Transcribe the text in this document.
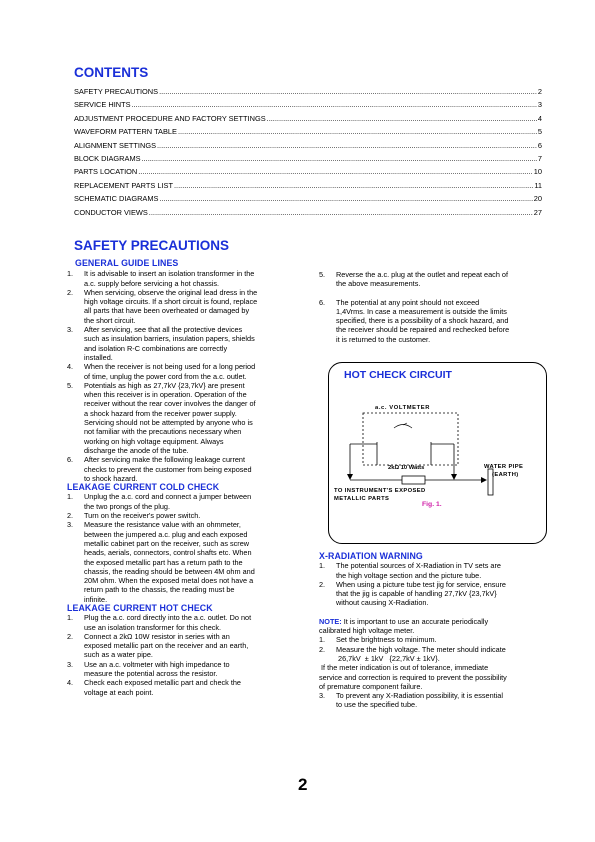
CONTENTS
SAFETY PRECAUTIONS .....	2
SERVICE HINTS .....	3
ADJUSTMENT PROCEDURE AND FACTORY SETTINGS .....	4
WAVEFORM PATTERN TABLE .....	5
ALIGNMENT SETTINGS .....	6
BLOCK DIAGRAMS .....	7
PARTS LOCATION .....	10
REPLACEMENT PARTS LIST .....	11
SCHEMATIC DIAGRAMS .....	20
CONDUCTOR VIEWS .....	27
SAFETY PRECAUTIONS
GENERAL GUIDE LINES
1.	It is advisable to insert an isolation transformer in the
a.c. supply before servicing a hot chassis.
2.	When servicing, observe the original lead dress in the
high voltage circuits. If a short circuit is found, replace
all parts that have been overheated or damaged by
the short circuit.
3.	After servicing, see that all the protective devices
such as insulation barriers, insulation papers, shields
and isolation R-C combinations are correctly
installed.
4.	When the receiver is not being used for a long period
of time, unplug the power cord from the a.c. outlet.
5.	Potentials as high as 27,7kV {23,7kV} are present
when this receiver is in operation. Operation of the
receiver without the rear cover involves the danger of
a shock hazard from the receiver power supply.
Servicing should not be attempted by anyone who is
not familiar with the precautions necessary when
working on high voltage equipment. Always
discharge the anode of the tube.
6.	After servicing make the following leakage current
checks to prevent the customer from being exposed
to shock hazard.
LEAKAGE CURRENT COLD CHECK
1.	Unplug the a.c. cord and connect a jumper between
the two prongs of the plug.
2.	Turn on the receiver's power switch.
3.	Measure the resistance value with an ohmmeter,
between the jumpered a.c. plug and each exposed
metallic cabinet part on the receiver, such as screw
heads, aerials, connectors, control shafts etc. When
the exposed metallic part has a return path to the
chassis, the reading should be between 4M ohm and
20M ohm. When the exposed metal does not have a
return path to the chassis, the reading must be
infinite.
LEAKAGE CURRENT HOT CHECK
1.	Plug the a.c. cord directly into the a.c. outlet. Do not
use an isolation transformer for this check.
2.	Connect a 2kΩ 10W resistor in series with an
exposed metallic part on the receiver and an earth,
such as a water pipe.
3.	Use an a.c. voltmeter with high impedance to
measure the potential across the resistor.
4.	Check each exposed metallic part and check the
voltage at each point.
5.	Reverse the a.c. plug at the outlet and repeat each of
the above measurements.
6.	The potential at any point should not exceed
1,4Vrms. In case a measurement is outside the limits
specified, there is a possibility of a shock hazard, and
the receiver should be repaired and rechecked before
it is returned to the customer.
HOT CHECK CIRCUIT
a.c. VOLTMETER
2kΩ 10 Watts	WATER PIPE
(EARTH)
TO INSTRUMENT'S EXPOSED
METALLIC PARTS
Fig. 1.
X-RADIATION WARNING
1.	The potential sources of X-Radiation in TV sets are
the high voltage section and the picture tube.
2.	When using a picture tube test jig for service, ensure
that the jig is capable of handling 27,7kV {23,7kV}
without causing X-Radiation.
NOTE: It is important to use an accurate periodically
calibrated high voltage meter.
1.	Set the brightness to minimum.
2.	Measure the high voltage. The meter should indicate
26,7kV  ± 1kV   {22,7kV ± 1kV}.
If the meter indication is out of tolerance, immediate
service and correction is required to prevent the possibility
of premature component failure.
3.	To prevent any X-Radiation possibility, it is essential
to use the specified tube.
2
